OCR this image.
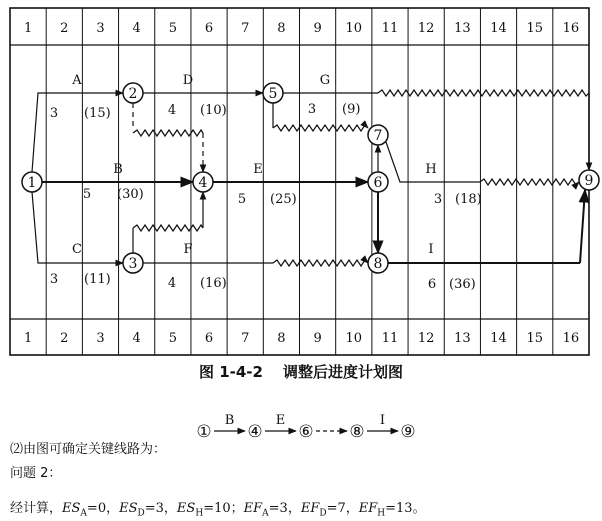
1
1
2
2
3
3
4
4
5
5
6
6
7
7
8
8
9
9
10
10
11
11
12
12
13
13
14
14
15
15
16
16
1
2
3
4
5
6
7
8
9
A
3 (15)
B
5 (30)
C
3 (11)
D
4 (10)
E
5 (25)
F
4 (16)
G
3 (9)
H
3 (18)
I
6 (36)
①
B
④
E
⑥ ⑧
I
⑨
图 1-4-2 调整后进度计划图
⑵由图可确定关键线路为：
问题 2：
经计算，$ES_A=0$，$ES_D=3$，$ES_H=10$；$EF_A=3$，$EF_D=7$，$EF_H=13$。
